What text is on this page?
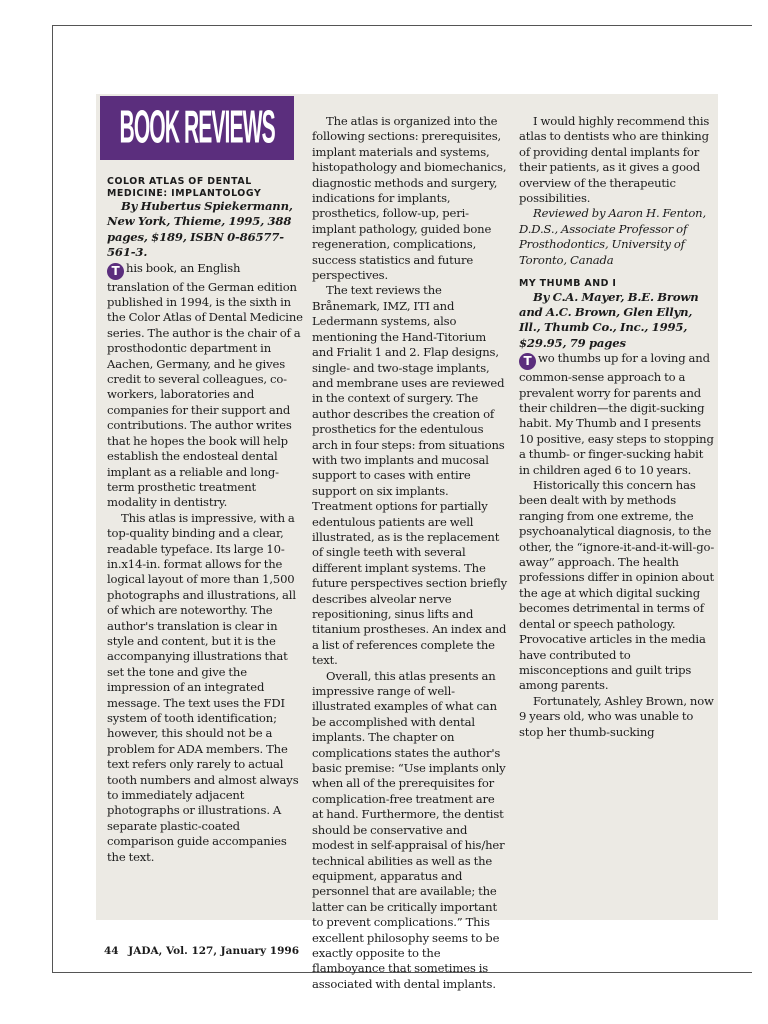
BOOK REVIEWS

COLOR ATLAS OF DENTAL MEDICINE: IMPLANTOLOGY

By Hubertus Spiekermann, New York, Thieme, 1995, 388 pages, $189, ISBN 0-86577-561-3.

T his book, an English translation of the German edition published in 1994, is the sixth in the Color Atlas of Dental Medicine series. The author is the chair of a prosthodontic department in Aachen, Germany, and he gives credit to several colleagues, co-workers, laboratories and companies for their support and contributions. The author writes that he hopes the book will help establish the endosteal dental implant as a reliable and long-term prosthetic treatment modality in dentistry.

This atlas is impressive, with a top-quality binding and a clear, readable typeface. Its large 10-in.x14-in. format allows for the logical layout of more than 1,500 photographs and illustrations, all of which are noteworthy. The author's translation is clear in style and content, but it is the accompanying illustrations that set the tone and give the impression of an integrated message. The text uses the FDI system of tooth identification; however, this should not be a problem for ADA members. The text refers only rarely to actual tooth numbers and almost always to immediately adjacent photographs or illustrations. A separate plastic-coated comparison guide accompanies the text.

The atlas is organized into the following sections: prerequisites, implant materials and systems, histopathology and biomechanics, diagnostic methods and surgery, indications for implants, prosthetics, follow-up, peri-implant pathology, guided bone regeneration, complications, success statistics and future perspectives.

The text reviews the Brånemark, IMZ, ITI and Ledermann systems, also mentioning the Hand-Titorium and Frialit 1 and 2. Flap designs, single- and two-stage implants, and membrane uses are reviewed in the context of surgery. The author describes the creation of prosthetics for the edentulous arch in four steps: from situations with two implants and mucosal support to cases with entire support on six implants. Treatment options for partially edentulous patients are well illustrated, as is the replacement of single teeth with several different implant systems. The future perspectives section briefly describes alveolar nerve repositioning, sinus lifts and titanium prostheses. An index and a list of references complete the text.

Overall, this atlas presents an impressive range of well-illustrated examples of what can be accomplished with dental implants. The chapter on complications states the author's basic premise: “Use implants only when all of the prerequisites for complication-free treatment are at hand. Furthermore, the dentist should be conservative and modest in self-appraisal of his/her technical abilities as well as the equipment, apparatus and personnel that are available; the latter can be critically important to prevent complications.” This excellent philosophy seems to be exactly opposite to the flamboyance that sometimes is associated with dental implants.

I would highly recommend this atlas to dentists who are thinking of providing dental implants for their patients, as it gives a good overview of the therapeutic possibilities.

Reviewed by Aaron H. Fenton, D.D.S., Associate Professor of Prosthodontics, University of Toronto, Canada

MY THUMB AND I

By C.A. Mayer, B.E. Brown and A.C. Brown, Glen Ellyn, Ill., Thumb Co., Inc., 1995, $29.95, 79 pages

T wo thumbs up for a loving and common-sense approach to a prevalent worry for parents and their children—the digit-sucking habit. My Thumb and I presents 10 positive, easy steps to stopping a thumb- or finger-sucking habit in children aged 6 to 10 years.

Historically this concern has been dealt with by methods ranging from one extreme, the psychoanalytical diagnosis, to the other, the “ignore-it-and-it-will-go-away” approach. The health professions differ in opinion about the age at which digital sucking becomes detrimental in terms of dental or speech pathology. Provocative articles in the media have contributed to misconceptions and guilt trips among parents.

Fortunately, Ashley Brown, now 9 years old, who was unable to stop her thumb-sucking

44 JADA, Vol. 127, January 1996
